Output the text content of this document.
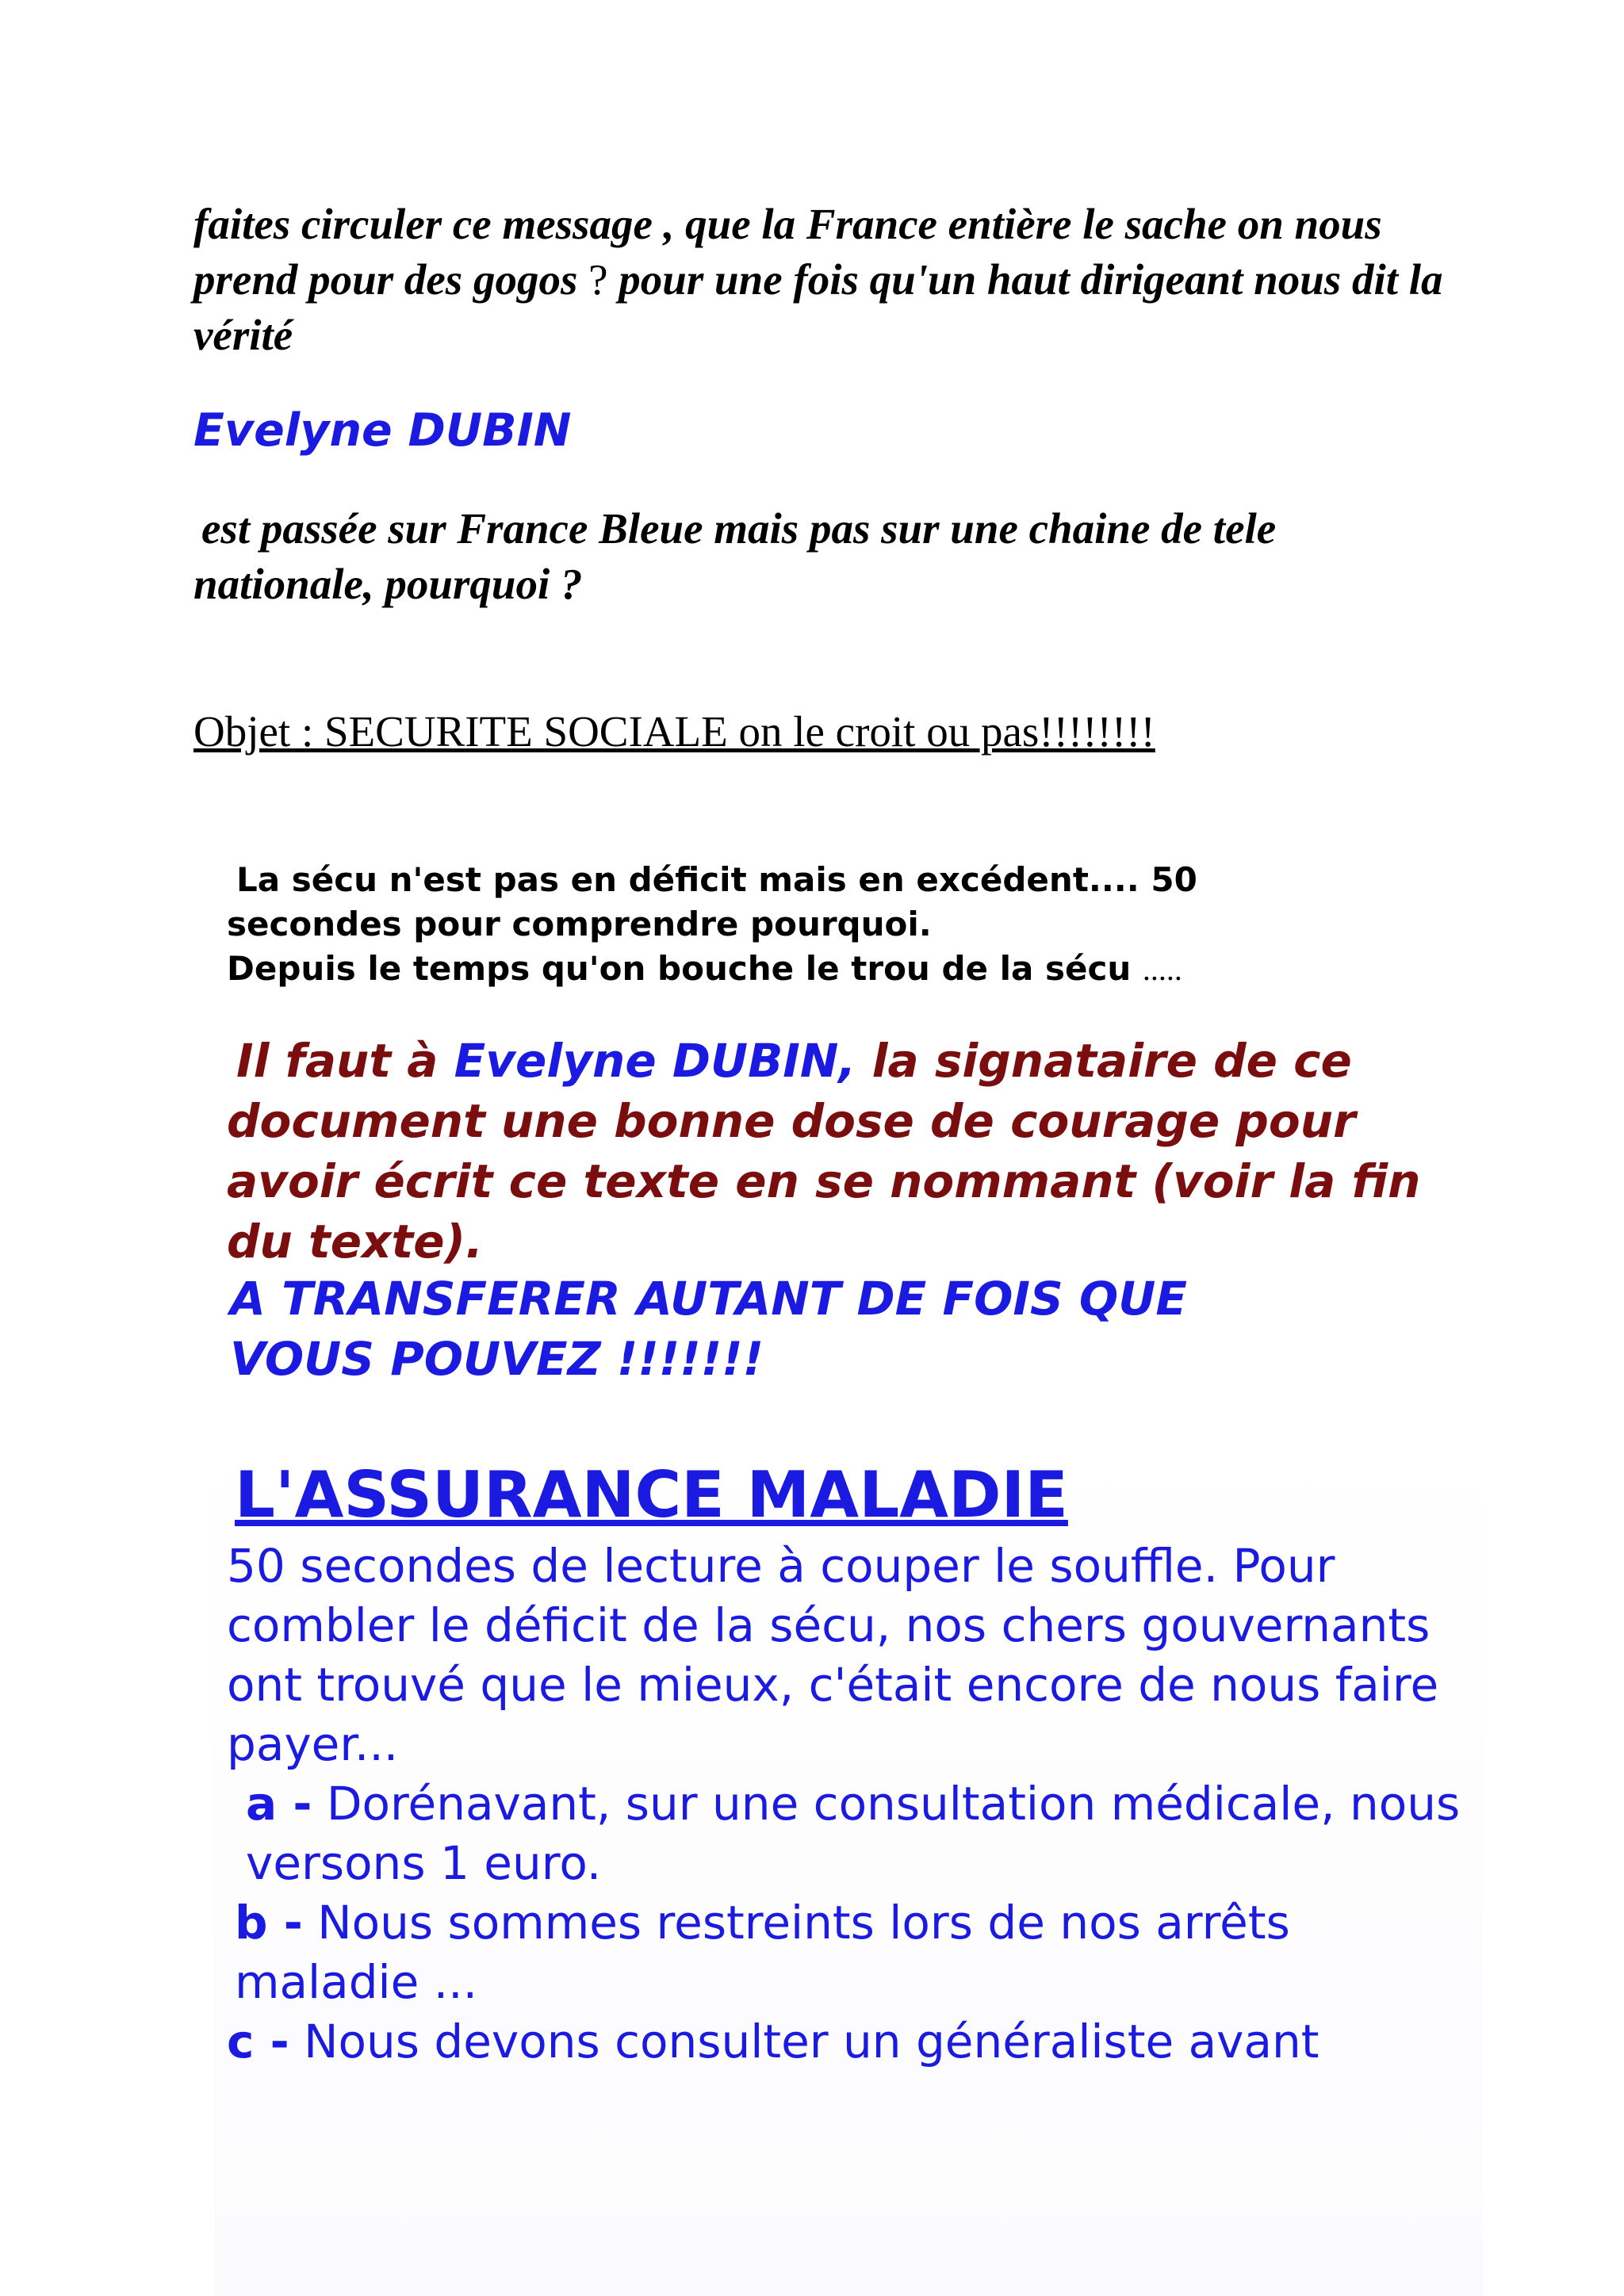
faites circuler ce message , que la France entière le sache on nous prend pour des gogos ? pour une fois qu'un haut dirigeant nous dit la vérité

Evelyne DUBIN

est passée sur France Bleue mais pas sur une chaine de tele
nationale, pourquoi ?

Objet : SECURITE SOCIALE on le croit ou pas!!!!!!!!

La sécu n'est pas en déficit mais en excédent.... 50
secondes pour comprendre pourquoi.
Depuis le temps qu'on bouche le trou de la sécu .....

Il faut à Evelyne DUBIN, la signataire de ce document une bonne dose de courage pour avoir écrit ce texte en se nommant (voir la fin du texte).

A TRANSFERER AUTANT DE FOIS QUE
VOUS POUVEZ !!!!!!!

L'ASSURANCE MALADIE

50 secondes de lecture à couper le souffle. Pour combler le déficit de la sécu, nos chers gouvernants ont trouvé que le mieux, c'était encore de nous faire payer...
a - Dorénavant, sur une consultation médicale, nous versons 1 euro.
b - Nous sommes restreints lors de nos arrêts maladie ...
c - Nous devons consulter un généraliste avant
